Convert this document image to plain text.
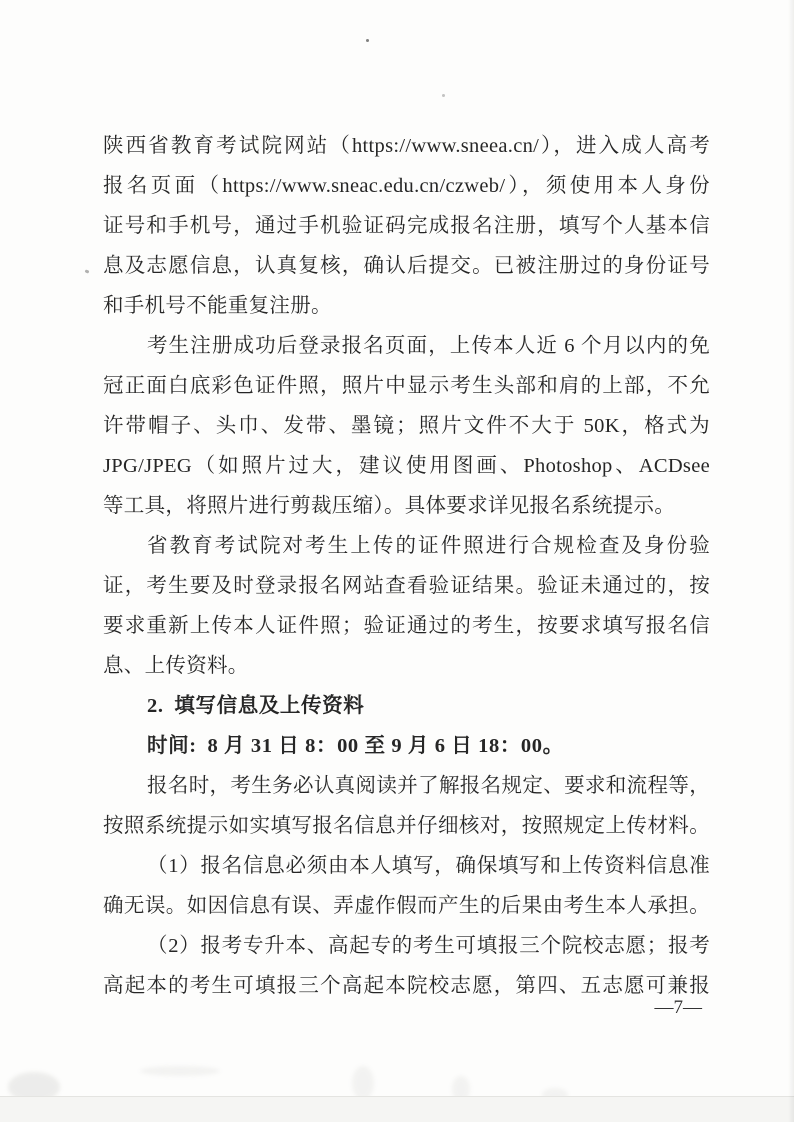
陕西省教育考试院网站（https://www.sneea.cn/），进入成人高考
报名页面（https://www.sneac.edu.cn/czweb/），须使用本人身份
证号和手机号，通过手机验证码完成报名注册，填写个人基本信
息及志愿信息，认真复核，确认后提交。已被注册过的身份证号
和手机号不能重复注册。
考生注册成功后登录报名页面，上传本人近 6 个月以内的免
冠正面白底彩色证件照，照片中显示考生头部和肩的上部，不允
许带帽子、头巾、发带、墨镜；照片文件不大于 50K，格式为
JPG/JPEG（如照片过大，建议使用图画、Photoshop、ACDsee
等工具，将照片进行剪裁压缩）。具体要求详见报名系统提示。
省教育考试院对考生上传的证件照进行合规检查及身份验
证，考生要及时登录报名网站查看验证结果。验证未通过的，按
要求重新上传本人证件照；验证通过的考生，按要求填写报名信
息、上传资料。
2. 填写信息及上传资料
时间: 8 月 31 日 8：00 至 9 月 6 日 18：00。
报名时，考生务必认真阅读并了解报名规定、要求和流程等，
按照系统提示如实填写报名信息并仔细核对，按照规定上传材料。
（1）报名信息必须由本人填写，确保填写和上传资料信息准
确无误。如因信息有误、弄虚作假而产生的后果由考生本人承担。
（2）报考专升本、高起专的考生可填报三个院校志愿；报考
高起本的考生可填报三个高起本院校志愿，第四、五志愿可兼报
—7—
